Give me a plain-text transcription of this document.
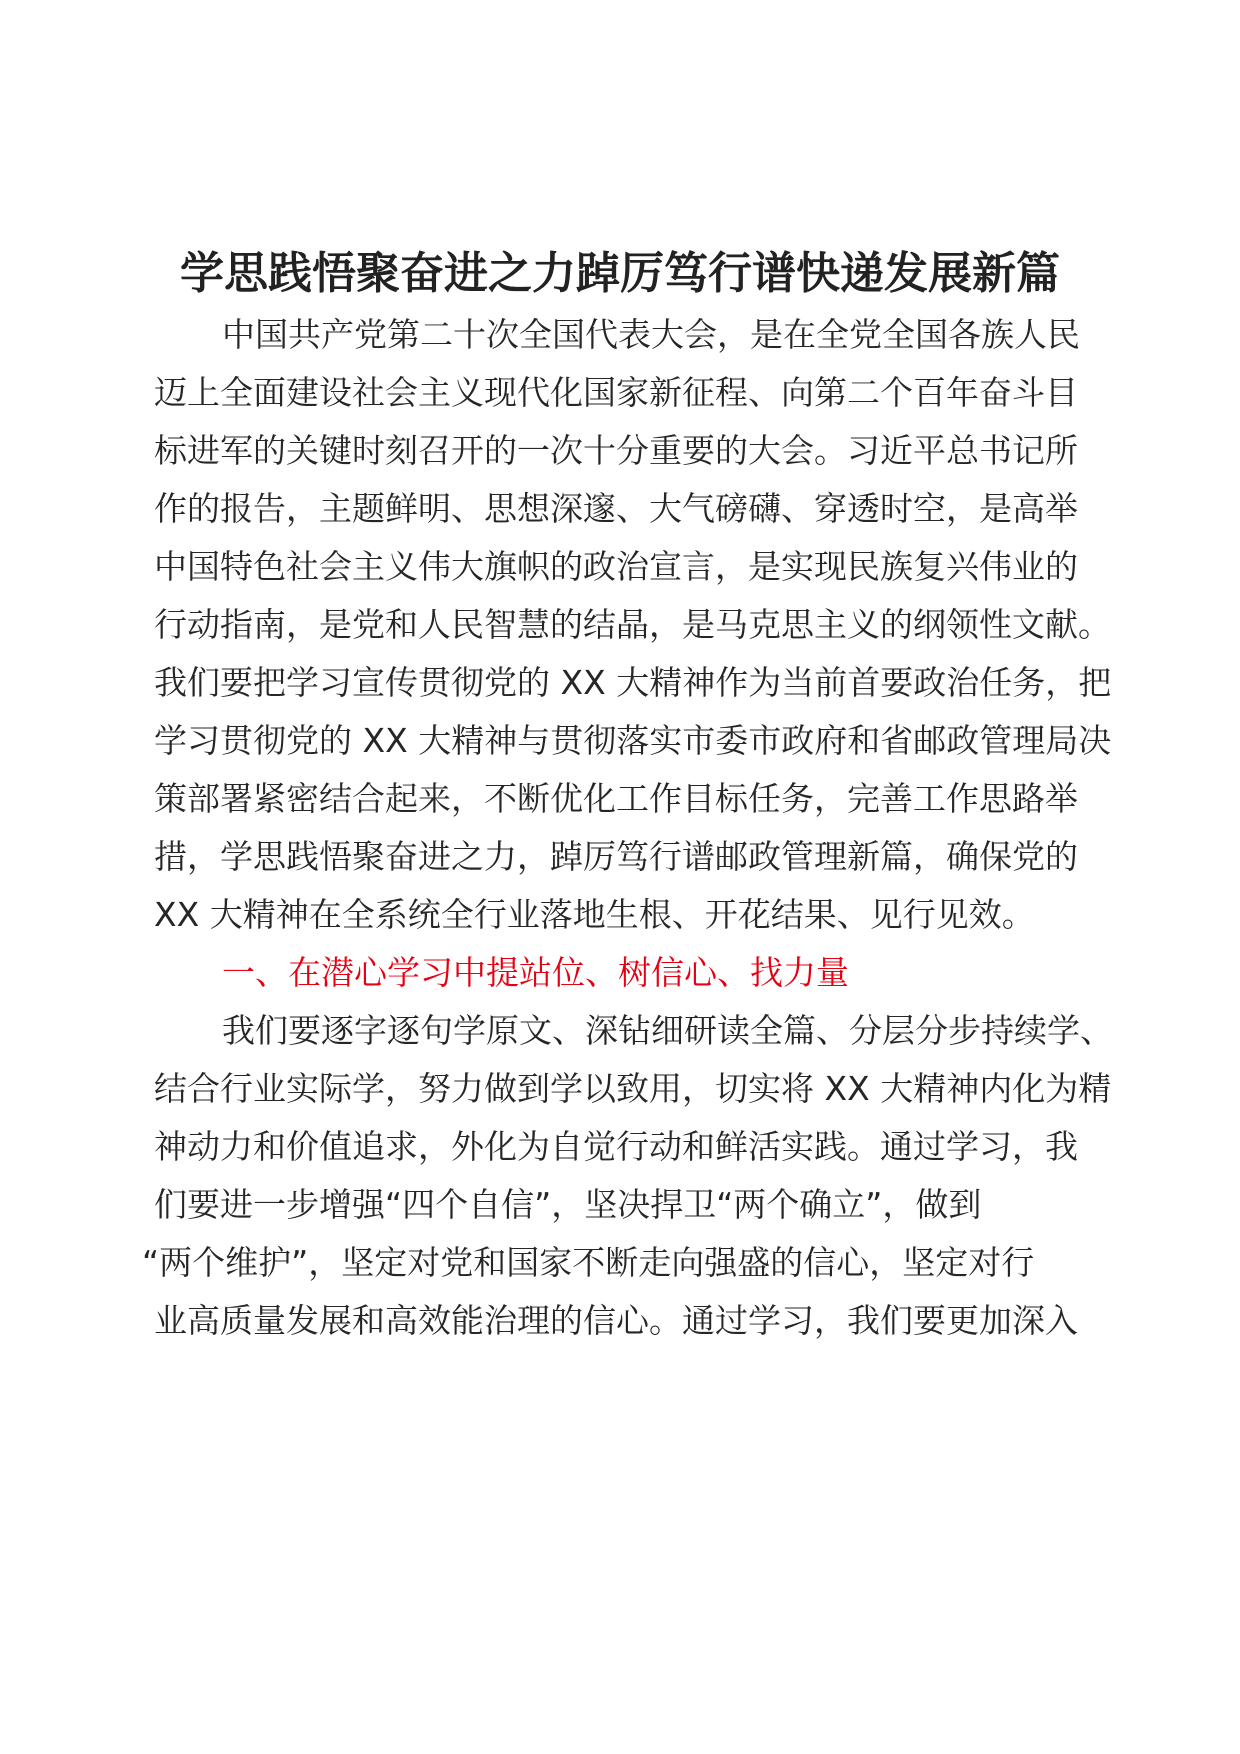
学思践悟聚奋进之力踔厉笃行谱快递发展新篇
中国共产党第二十次全国代表大会，是在全党全国各族人民
迈上全面建设社会主义现代化国家新征程、向第二个百年奋斗目
标进军的关键时刻召开的一次十分重要的大会。习近平总书记所
作的报告，主题鲜明、思想深邃、大气磅礴、穿透时空，是高举
中国特色社会主义伟大旗帜的政治宣言，是实现民族复兴伟业的
行动指南，是党和人民智慧的结晶，是马克思主义的纲领性文献。
我们要把学习宣传贯彻党的 XX 大精神作为当前首要政治任务，把
学习贯彻党的 XX 大精神与贯彻落实市委市政府和省邮政管理局决
策部署紧密结合起来，不断优化工作目标任务，完善工作思路举
措，学思践悟聚奋进之力，踔厉笃行谱邮政管理新篇，确保党的
XX 大精神在全系统全行业落地生根、开花结果、见行见效。
一、在潜心学习中提站位、树信心、找力量
我们要逐字逐句学原文、深钻细研读全篇、分层分步持续学、
结合行业实际学，努力做到学以致用，切实将 XX 大精神内化为精
神动力和价值追求，外化为自觉行动和鲜活实践。通过学习，我
们要进一步增强“四个自信”，坚决捍卫“两个确立”，做到
“两个维护”，坚定对党和国家不断走向强盛的信心，坚定对行
业高质量发展和高效能治理的信心。通过学习，我们要更加深入
